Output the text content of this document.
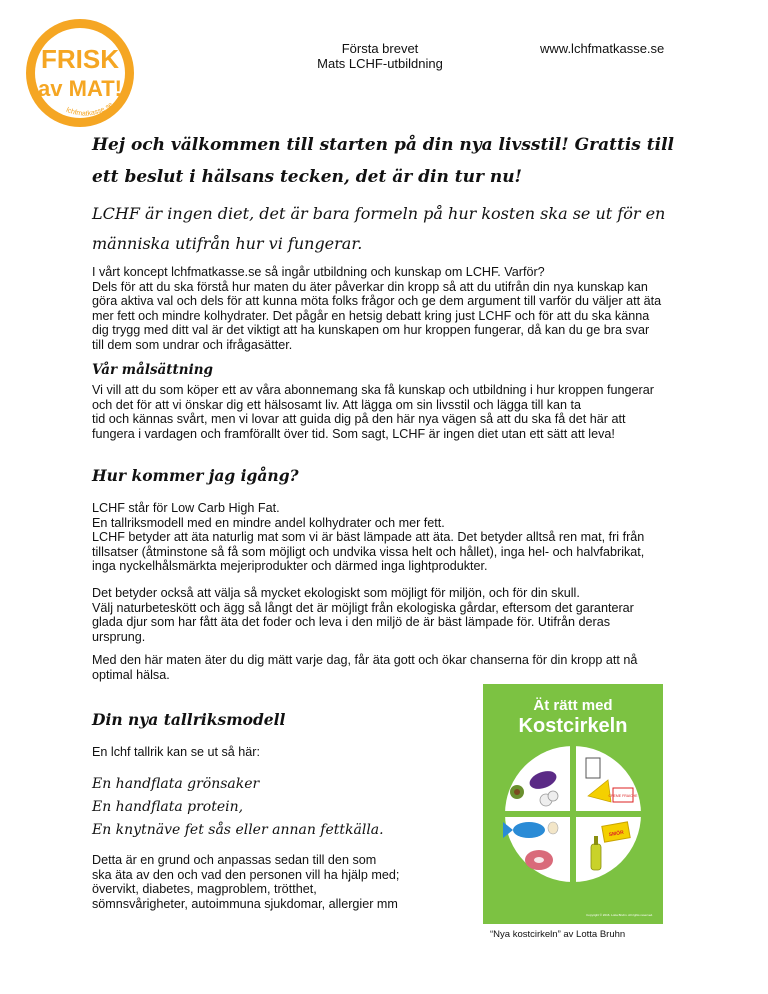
FRISK
av MAT!
lchfmatkasse.se
Första brevet
Mats LCHF-utbildning
www.lchfmatkasse.se
Hej och välkommen till starten på din nya livsstil! Grattis till
ett beslut i hälsans tecken, det är din tur nu!
LCHF är ingen diet, det är bara formeln på hur kosten ska se ut för en
människa utifrån hur vi fungerar.
I vårt koncept lchfmatkasse.se så ingår utbildning och kunskap om LCHF. Varför?
Dels för att du ska förstå hur maten du äter påverkar din kropp så att du utifrån din nya kunskap kan
göra aktiva val och dels för att kunna möta folks frågor och ge dem argument till varför du väljer att äta
mer fett och mindre kolhydrater. Det pågår en hetsig debatt kring just LCHF och för att du ska känna
dig trygg med ditt val är det viktigt att ha kunskapen om hur kroppen fungerar, då kan du ge bra svar
till dem som undrar och ifrågasätter.
Vår målsättning
Vi vill att du som köper ett av våra abonnemang ska få kunskap och utbildning i hur kroppen fungerar
och det för att vi önskar dig ett hälsosamt liv. Att lägga om sin livsstil och lägga till kan ta
tid och kännas svårt, men vi lovar att guida dig på den här nya vägen så att du ska få det här att
fungera i vardagen och framförallt över tid. Som sagt, LCHF är ingen diet utan ett sätt att leva!
Hur kommer jag igång?
LCHF står för Low Carb High Fat.
En tallriksmodell med en mindre andel kolhydrater och mer fett.
LCHF betyder att äta naturlig mat som vi är bäst lämpade att äta. Det betyder alltså ren mat, fri från
tillsatser (åtminstone så få som möjligt och undvika vissa helt och hållet), inga hel- och halvfabrikat,
inga nyckelhålsmärkta mejeriprodukter och därmed inga lightprodukter.
Det betyder också att välja så mycket ekologiskt som möjligt för miljön, och för din skull.
Välj naturbeteskött och ägg så långt det är möjligt från ekologiska gårdar, eftersom det garanterar
glada djur som har fått äta det foder och leva i den miljö de är bäst lämpade för. Utifrån deras
ursprung.
Med den här maten äter du dig mätt varje dag, får äta gott och ökar chanserna för din kropp att nå
optimal hälsa.
Din nya tallriksmodell
En lchf tallrik kan se ut så här:
En handflata grönsaker
En handflata protein,
En knytnäve fet sås eller annan fettkälla.
Detta är en grund och anpassas sedan till den som
ska äta av den och vad den personen vill ha hjälp med;
övervikt, diabetes, magproblem, trötthet,
sömnsvårigheter, autoimmuna sjukdomar, allergier mm
Ät rätt med
Kostcirkeln
CREME FRAICHE
SMÖR
Copyright © 2016. Lotta Bruhn. All rights reserved.
“Nya kostcirkeln” av Lotta Bruhn
